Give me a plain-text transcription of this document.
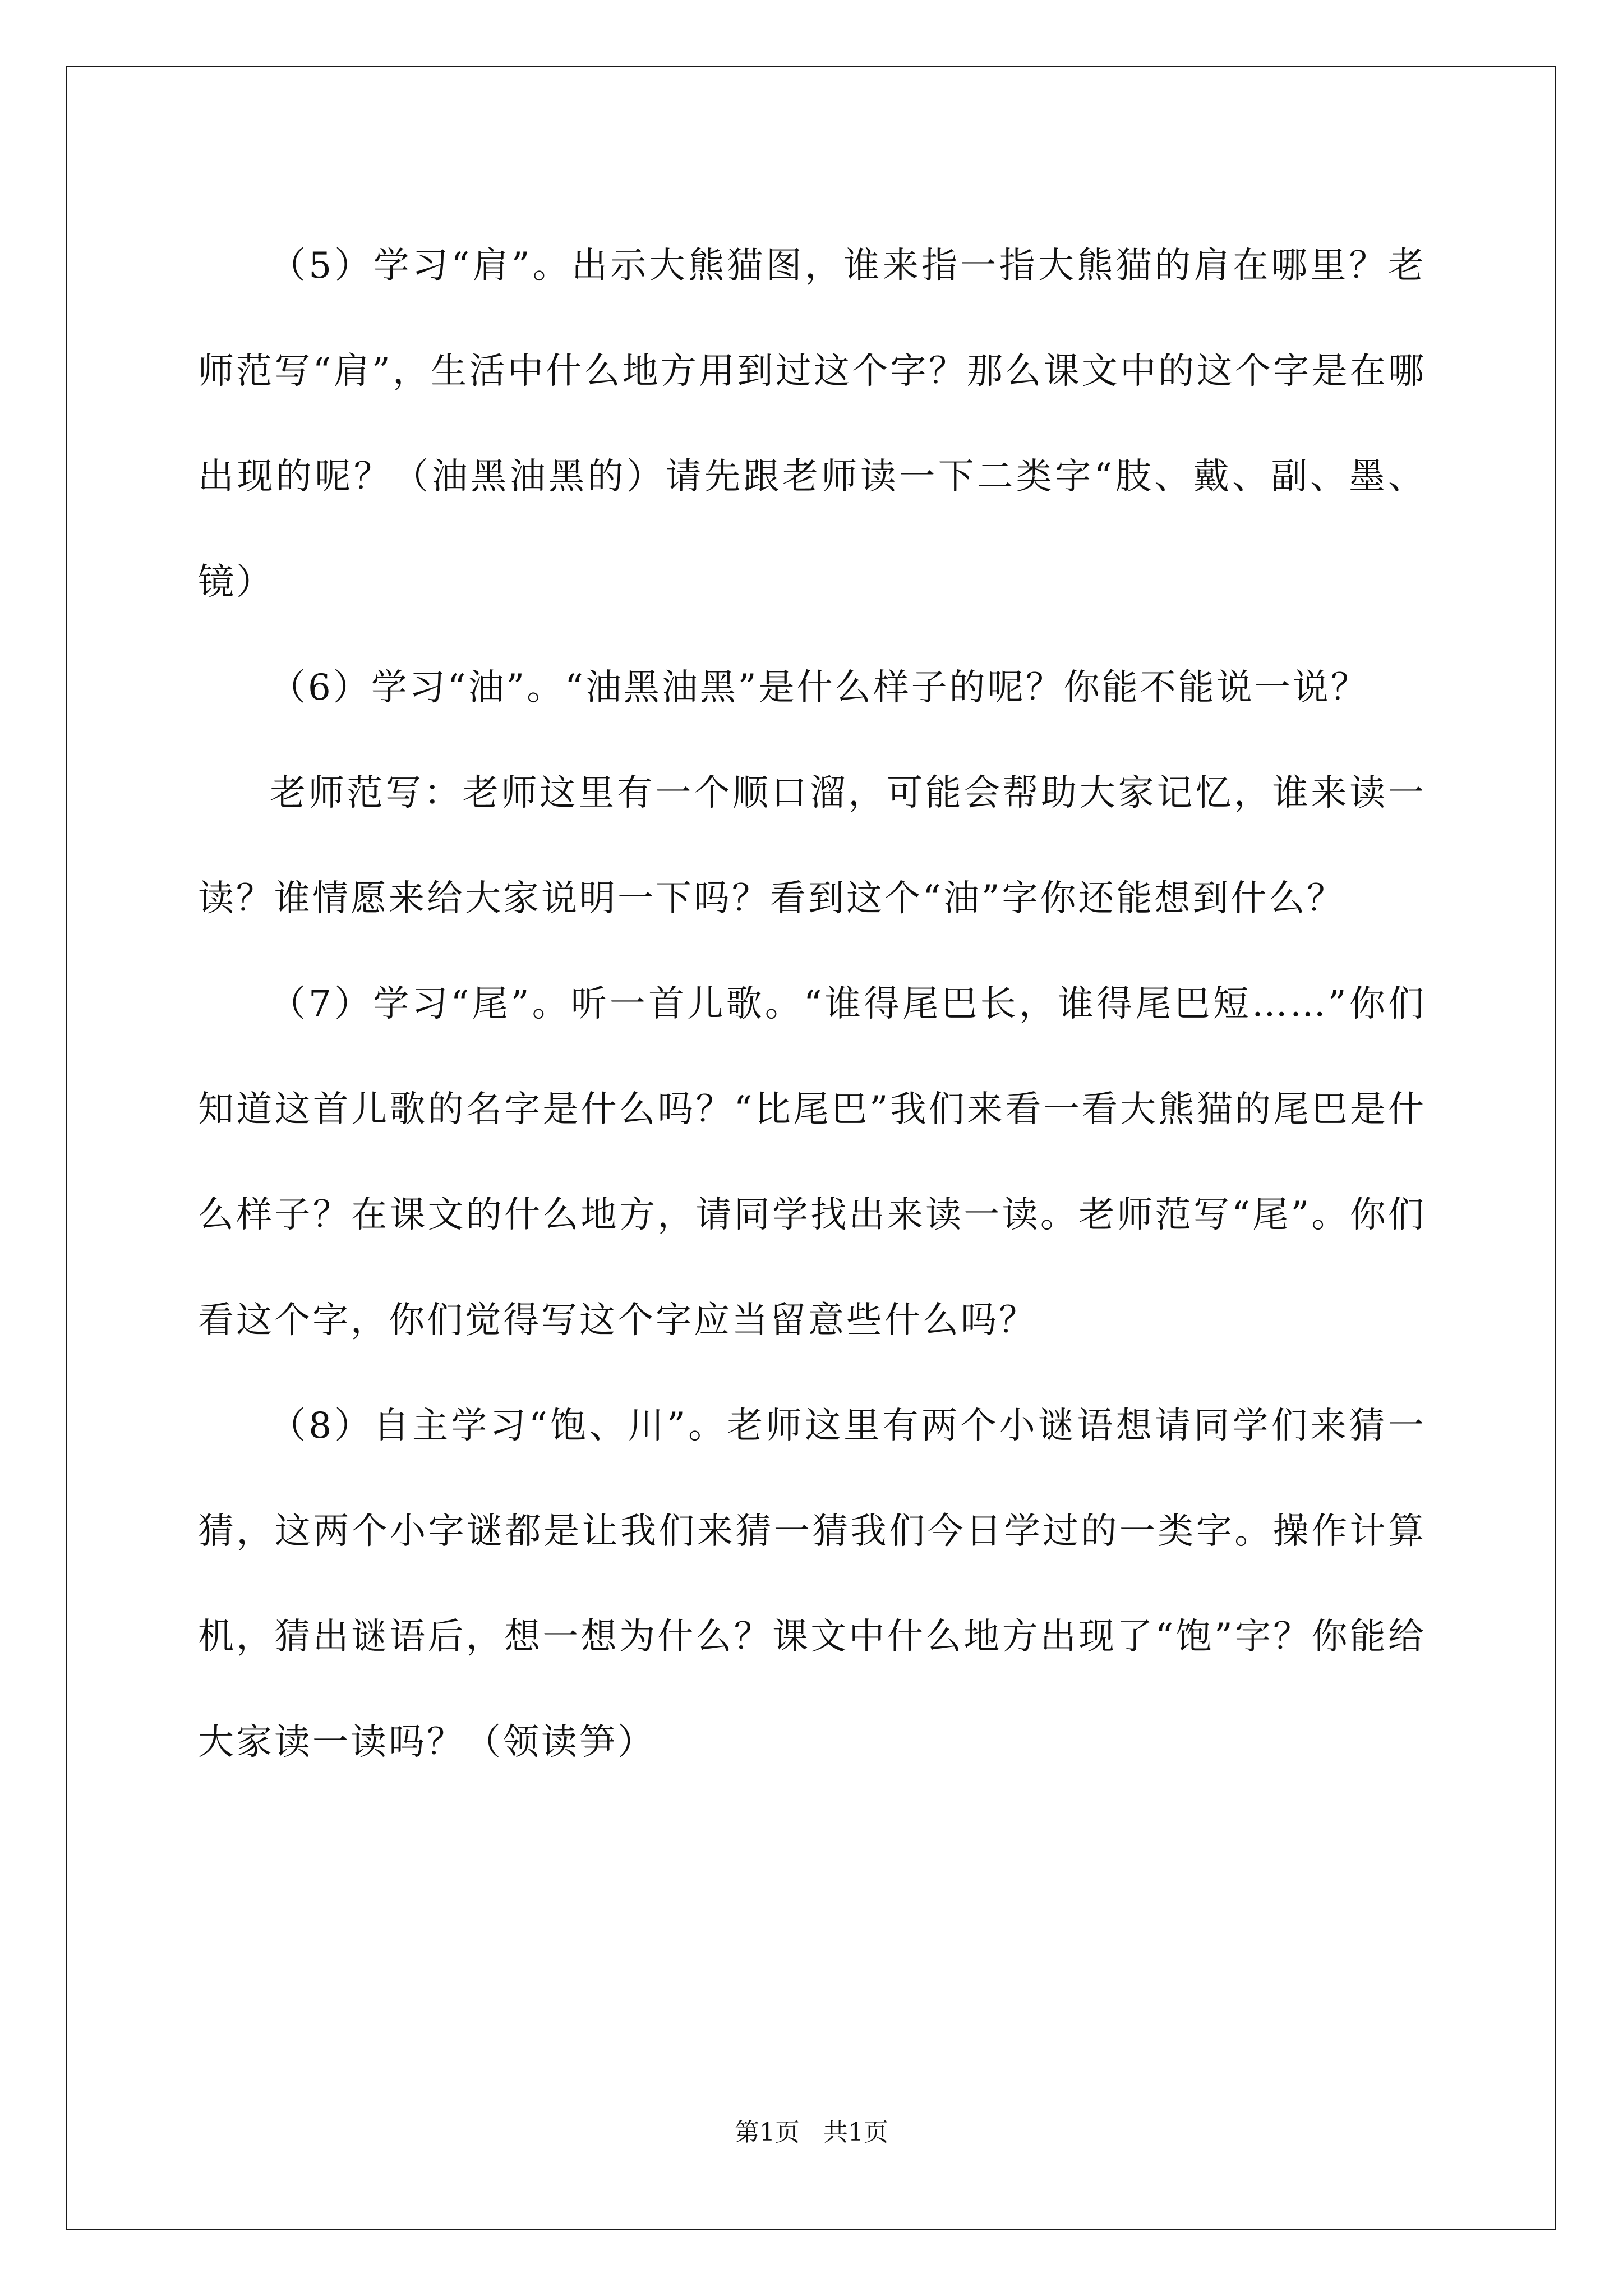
（5）学习“肩”。出示大熊猫图，谁来指一指大熊猫的肩在哪里？老师范写“肩”，生活中什么地方用到过这个字？那么课文中的这个字是在哪出现的呢？（油黑油黑的）请先跟老师读一下二类字“肢、戴、副、墨、镜）

（6）学习“油”。“油黑油黑”是什么样子的呢？你能不能说一说？

老师范写：老师这里有一个顺口溜，可能会帮助大家记忆，谁来读一读？谁情愿来给大家说明一下吗？看到这个“油”字你还能想到什么？

（7）学习“尾”。听一首儿歌。“谁得尾巴长，谁得尾巴短……”你们知道这首儿歌的名字是什么吗？“比尾巴”我们来看一看大熊猫的尾巴是什么样子？在课文的什么地方，请同学找出来读一读。老师范写“尾”。你们看这个字，你们觉得写这个字应当留意些什么吗？

（8）自主学习“饱、川”。老师这里有两个小谜语想请同学们来猜一猜，这两个小字谜都是让我们来猜一猜我们今日学过的一类字。操作计算机，猜出谜语后，想一想为什么？课文中什么地方出现了“饱”字？你能给大家读一读吗？（领读笋）

第1页   共1页
